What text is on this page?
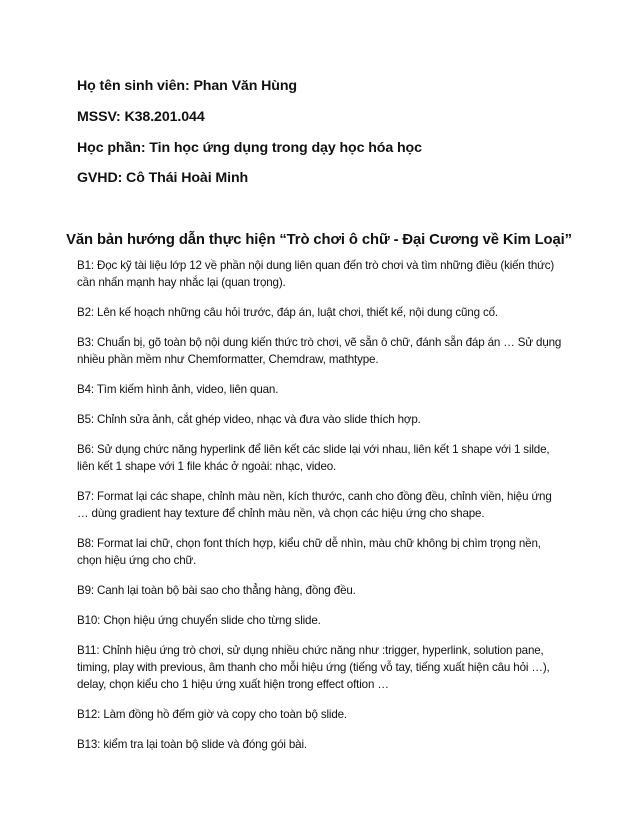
Họ tên sinh viên: Phan Văn Hùng
MSSV: K38.201.044
Học phần: Tin học ứng dụng trong dạy học hóa học
GVHD: Cô Thái Hoài Minh
Văn bản hướng dẫn thực hiện “Trò chơi ô chữ - Đại Cương về Kim Loại”
B1: Đọc kỹ tài liệu lớp 12 về phần nội dung liên quan đến trò chơi và tìm những điều (kiến thức) cần nhấn mạnh hay nhắc lại (quan trọng).
B2: Lên kế hoạch những câu hỏi trước, đáp án, luật chơi, thiết kế, nội dung cũng cố.
B3: Chuẩn bị, gõ toàn bộ nội dung kiến thức trò chơi, vẽ sẵn ô chữ, đánh sẵn đáp án … Sử dụng nhiều phần mềm như Chemformatter, Chemdraw, mathtype.
B4: Tìm kiếm hình ảnh, video, liên quan.
B5: Chỉnh sửa ảnh, cắt ghép video, nhạc và đưa vào slide thích hợp.
B6: Sử dụng chức năng hyperlink để liên kết các slide lại với nhau, liên kết 1 shape với 1 silde, liên kết 1 shape với 1 file khác ở ngoài: nhạc, video.
B7: Format lại các shape, chỉnh màu nền, kích thước, canh cho đồng đều, chỉnh viền, hiệu ứng … dùng gradient hay texture để chỉnh màu nền, và chọn các hiệu ứng cho shape.
B8: Format lai chữ, chọn font thích hợp, kiểu chữ dễ nhìn, màu chữ không bị chìm trọng nền, chọn hiệu ứng cho chữ.
B9: Canh lại toàn bộ bài sao cho thẳng hàng, đồng đều.
B10: Chọn hiệu ứng chuyển slide cho từng slide.
B11: Chỉnh hiệu ứng trò chơi, sử dụng nhiều chức năng như :trigger, hyperlink, solution pane, timing, play with previous, âm thanh cho mỗi hiệu ứng (tiếng vỗ tay, tiếng xuất hiện câu hỏi …), delay, chọn kiểu cho 1 hiệu ứng xuất hiện trong effect oftion …
B12: Làm đồng hồ đếm giờ và copy cho toàn bộ slide.
B13: kiểm tra lại toàn bộ slide và đóng gói bài.
